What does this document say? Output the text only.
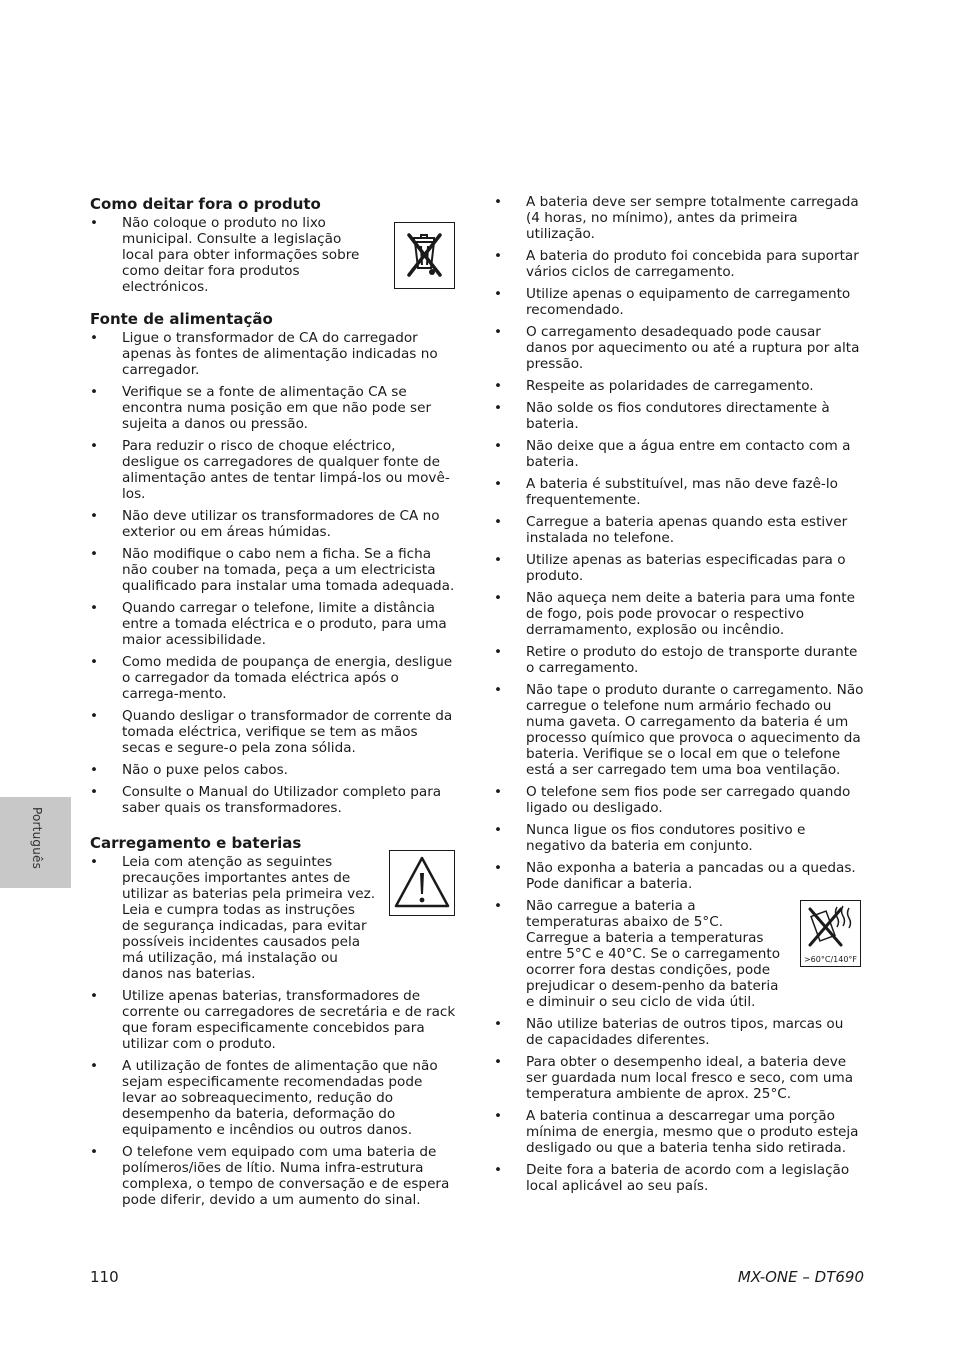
Como deitar fora o produto
•	Não coloque o produto no lixo municipal. Consulte a legislação local para obter informações sobre como deitar fora produtos electrónicos.
Fonte de alimentação
•	Ligue o transformador de CA do carregador apenas às fontes de alimentação indicadas no carregador.
•	Verifique se a fonte de alimentação CA se encontra numa posição em que não pode ser sujeita a danos ou pressão.
•	Para reduzir o risco de choque eléctrico, desligue os carregadores de qualquer fonte de alimentação antes de tentar limpá-los ou movê-los.
•	Não deve utilizar os transformadores de CA no exterior ou em áreas húmidas.
•	Não modifique o cabo nem a ficha. Se a ficha não couber na tomada, peça a um electricista qualificado para instalar uma tomada adequada.
•	Quando carregar o telefone, limite a distância entre a tomada eléctrica e o produto, para uma maior acessibilidade.
•	Como medida de poupança de energia, desligue o carregador da tomada eléctrica após o carrega-mento.
•	Quando desligar o transformador de corrente da tomada eléctrica, verifique se tem as mãos secas e segure-o pela zona sólida.
•	Não o puxe pelos cabos.
•	Consulte o Manual do Utilizador completo para saber quais os transformadores.
Carregamento e baterias
•	Leia com atenção as seguintes precauções importantes antes de utilizar as baterias pela primeira vez. Leia e cumpra todas as instruções de segurança indicadas, para evitar possíveis incidentes causados pela má utilização, má instalação ou danos nas baterias.
•	Utilize apenas baterias, transformadores de corrente ou carregadores de secretária e de rack que foram especificamente concebidos para utilizar com o produto.
•	A utilização de fontes de alimentação que não sejam especificamente recomendadas pode levar ao sobreaquecimento, redução do desempenho da bateria, deformação do equipamento e incêndios ou outros danos.
•	O telefone vem equipado com uma bateria de polímeros/iões de lítio. Numa infra-estrutura complexa, o tempo de conversação e de espera pode diferir, devido a um aumento do sinal.
•	A bateria deve ser sempre totalmente carregada (4 horas, no mínimo), antes da primeira utilização.
•	A bateria do produto foi concebida para suportar vários ciclos de carregamento.
•	Utilize apenas o equipamento de carregamento recomendado.
•	O carregamento desadequado pode causar danos por aquecimento ou até a ruptura por alta pressão.
•	Respeite as polaridades de carregamento.
•	Não solde os fios condutores directamente à bateria.
•	Não deixe que a água entre em contacto com a bateria.
•	A bateria é substituível, mas não deve fazê-lo frequentemente.
•	Carregue a bateria apenas quando esta estiver instalada no telefone.
•	Utilize apenas as baterias especificadas para o produto.
•	Não aqueça nem deite a bateria para uma fonte de fogo, pois pode provocar o respectivo derramamento, explosão ou incêndio.
•	Retire o produto do estojo de transporte durante o carregamento.
•	Não tape o produto durante o carregamento. Não carregue o telefone num armário fechado ou numa gaveta. O carregamento da bateria é um processo químico que provoca o aquecimento da bateria. Verifique se o local em que o telefone está a ser carregado tem uma boa ventilação.
•	O telefone sem fios pode ser carregado quando ligado ou desligado.
•	Nunca ligue os fios condutores positivo e negativo da bateria em conjunto.
•	Não exponha a bateria a pancadas ou a quedas. Pode danificar a bateria.
•	Não carregue a bateria a temperaturas abaixo de 5°C. Carregue a bateria a temperaturas entre 5°C e 40°C. Se o carregamento ocorrer fora destas condições, pode prejudicar o desem-penho da bateria e diminuir o seu ciclo de vida útil.
>60°C/140°F
•	Não utilize baterias de outros tipos, marcas ou de capacidades diferentes.
•	Para obter o desempenho ideal, a bateria deve ser guardada num local fresco e seco, com uma temperatura ambiente de aprox. 25°C.
•	A bateria continua a descarregar uma porção mínima de energia, mesmo que o produto esteja desligado ou que a bateria tenha sido retirada.
•	Deite fora a bateria de acordo com a legislação local aplicável ao seu país.
Português
110	MX-ONE – DT690
